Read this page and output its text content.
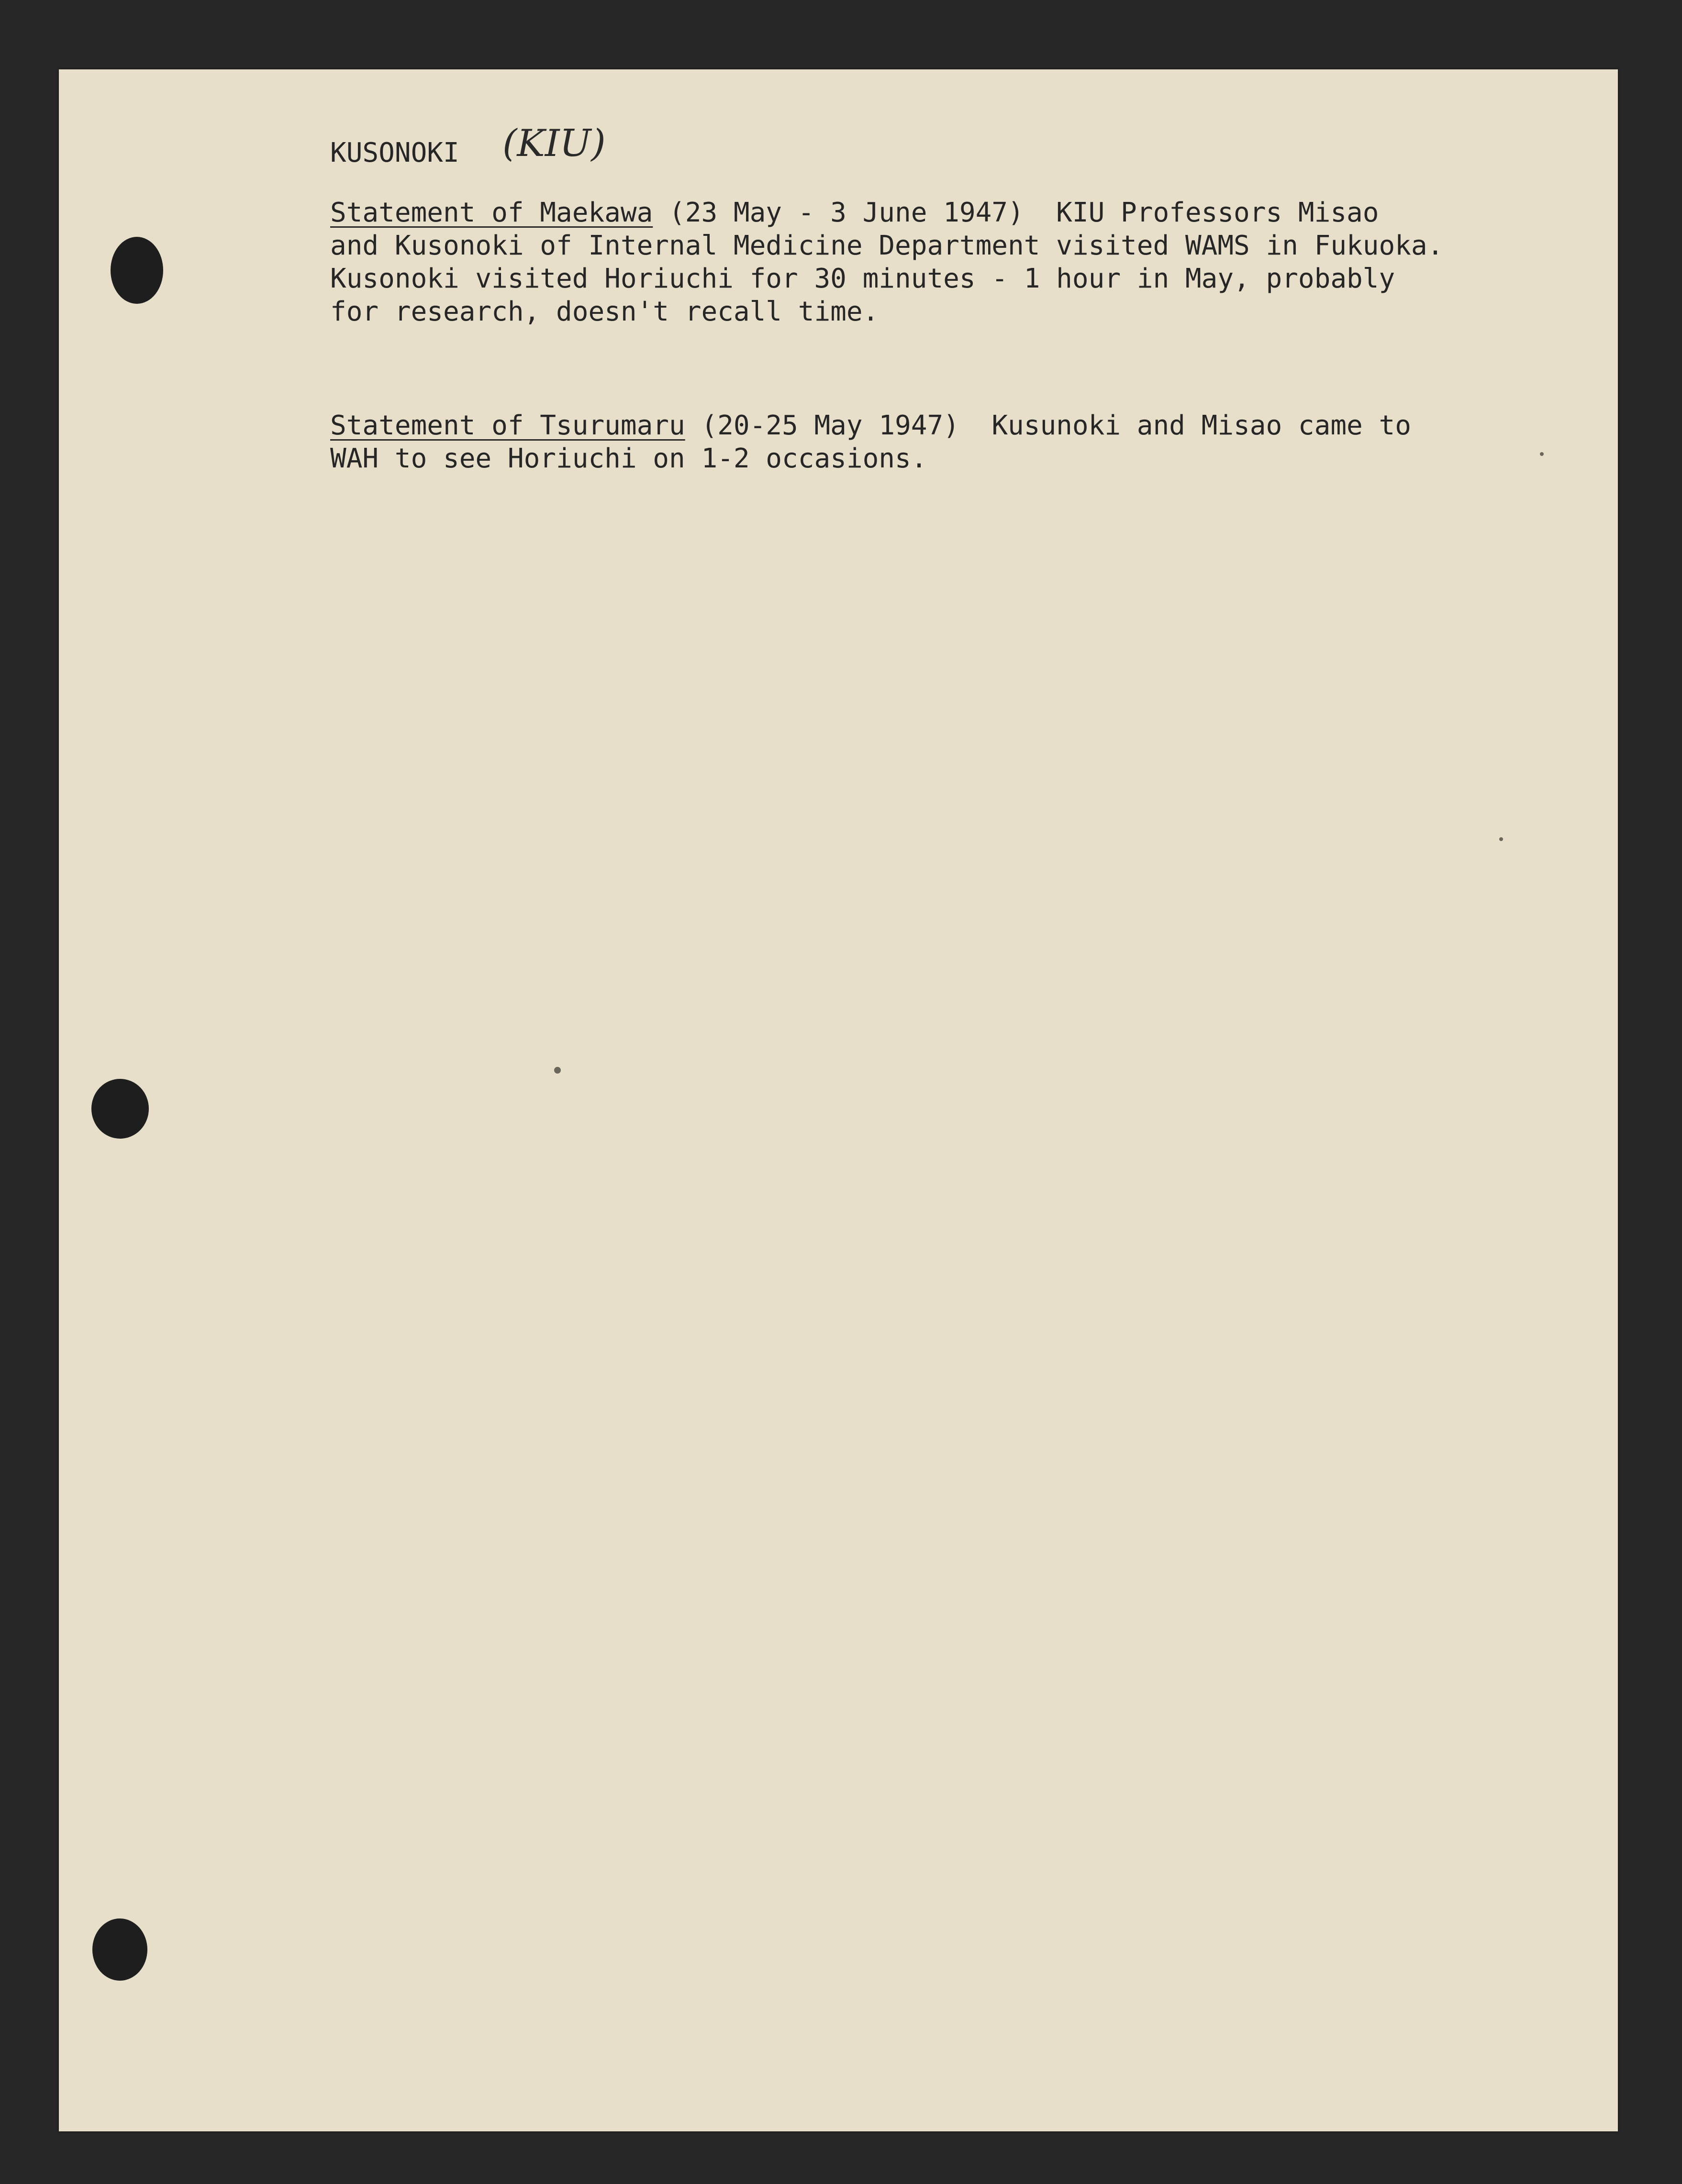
KUSONOKI (KIU)
Statement of Maekawa (23 May - 3 June 1947)  KIU Professors Misao
and Kusonoki of Internal Medicine Department visited WAMS in Fukuoka.
Kusonoki visited Horiuchi for 30 minutes - 1 hour in May, probably
for research, doesn't recall time.
Statement of Tsurumaru (20-25 May 1947)  Kusunoki and Misao came to
WAH to see Horiuchi on 1-2 occasions.
